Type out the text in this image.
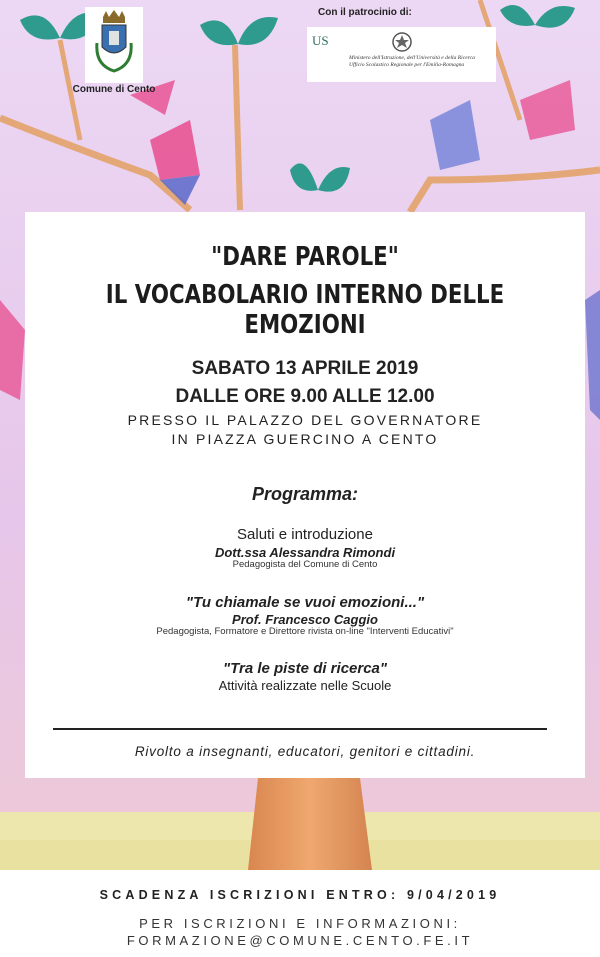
Comune di Cento
Con il patrocinio di:
US
Ministero dell'Istruzione, dell'Università e della Ricerca Ufficio Scolastico Regionale per l'Emilia-Romagna
"DARE PAROLE"
IL VOCABOLARIO INTERNO DELLE EMOZIONI
SABATO 13 APRILE 2019
DALLE ORE 9.00 ALLE 12.00
PRESSO IL PALAZZO DEL GOVERNATORE
IN PIAZZA GUERCINO A CENTO
Programma:
Saluti e introduzione
Dott.ssa Alessandra Rimondi
Pedagogista del Comune di Cento
"Tu chiamale se vuoi emozioni..."
Prof. Francesco Caggio
Pedagogista, Formatore e Direttore rivista on-line "Interventi Educativi"
"Tra le piste di ricerca"
Attività realizzate nelle Scuole
Rivolto a insegnanti, educatori, genitori e cittadini.
SCADENZA ISCRIZIONI ENTRO: 9/04/2019
PER ISCRIZIONI E INFORMAZIONI:
FORMAZIONE@COMUNE.CENTO.FE.IT
